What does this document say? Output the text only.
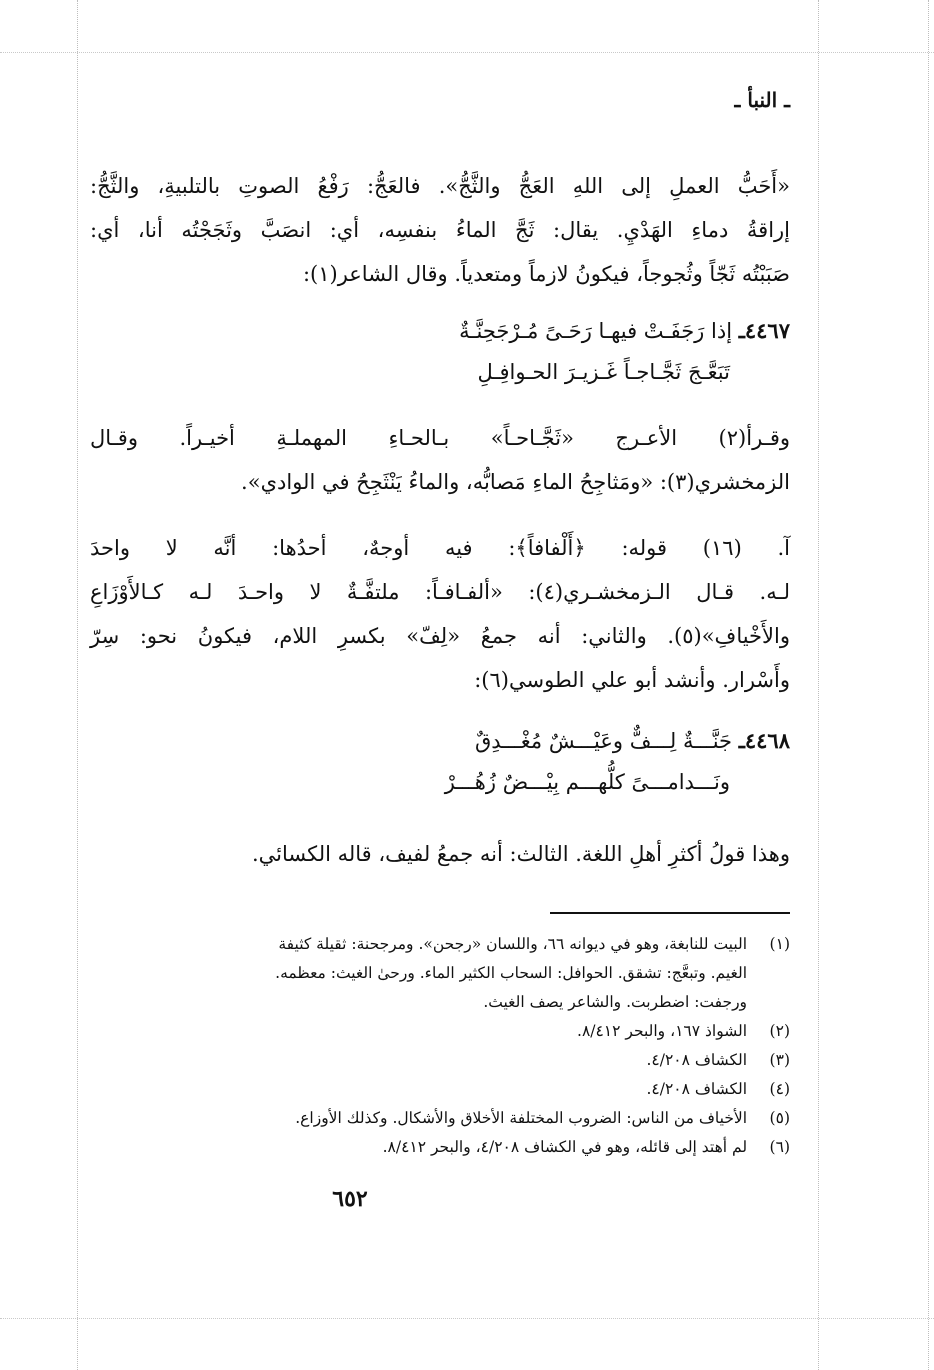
ـ النبأ ـ
«أَحَبُّ العملِ إلى اللهِ العَجُّ والثَّجُّ». فالعَجُّ: رَفْعُ الصوتِ بالتلبيةِ، والثَّجُّ:
إراقةُ دماءِ الهَدْيِ. يقال: ثَجَّ الماءُ بنفسِه، أي: انصَبَّ وثَجَجْتُه أنا، أي:
صَبَبْتُه ثَجّاً وثُجوجاً، فيكونُ لازماً ومتعدياً. وقال الشاعر(١):
٤٤٦٧ـ إذا رَجَفَـتْ فيهـا رَحَـىً مُـرْجَحِنَّـةٌ
تَبَعَّـجَ ثَجَّـاجـاً غَـزيـرَ الحـوافِـلِ
وقـرأ(٢) الأعـرج «ثَجَّـاحـاً» بـالحـاءِ المهملـةِ أخيـراً. وقـال
الزمخشري(٣): «ومَثاجِحُ الماءِ مَصابُّه، والماءُ يَنْثَجِحُ في الوادي».
آ. (١٦) قوله: ﴿أَلْفافاً﴾: فيه أوجهٌ، أحدُها: أنَّه لا واحدَ
لـه. قـال الـزمخشـري(٤): «ألفـافـاً: ملتفَّـةٌ لا واحـدَ لـه كـالأَوْزَاعِ
والأَخْيافِ»(٥). والثاني: أنه جمعُ «لِفّ» بكسرِ اللام، فيكونُ نحو: سِرّ
وأَسْرار. وأنشد أبو علي الطوسي(٦):
٤٤٦٨ـ جَنَّـــةٌ لِـــفٌّ وعَيْـــشٌ مُغْـــدِقٌ
ونَـــدامـــىً كلُّهـــم بِيْـــضٌ زُهُـــرْ
وهذا قولُ أكثرِ أهلِ اللغة. الثالث: أنه جمعُ لفيف، قاله الكسائي.
(١) البيت للنابغة، وهو في ديوانه ٦٦، واللسان «رجحن». ومرجحنة: ثقيلة كثيفة
الغيم. وتبعَّج: تشقق. الحوافل: السحاب الكثير الماء. ورحىٰ الغيث: معظمه.
ورجفت: اضطربت. والشاعر يصف الغيث.
(٢) الشواذ ١٦٧، والبحر ٨/٤١٢.
(٣) الكشاف ٤/٢٠٨.
(٤) الكشاف ٤/٢٠٨.
(٥) الأخياف من الناس: الضروب المختلفة الأخلاق والأشكال. وكذلك الأوزاع.
(٦) لم أهتد إلى قائله، وهو في الكشاف ٤/٢٠٨، والبحر ٨/٤١٢.
٦٥٢
